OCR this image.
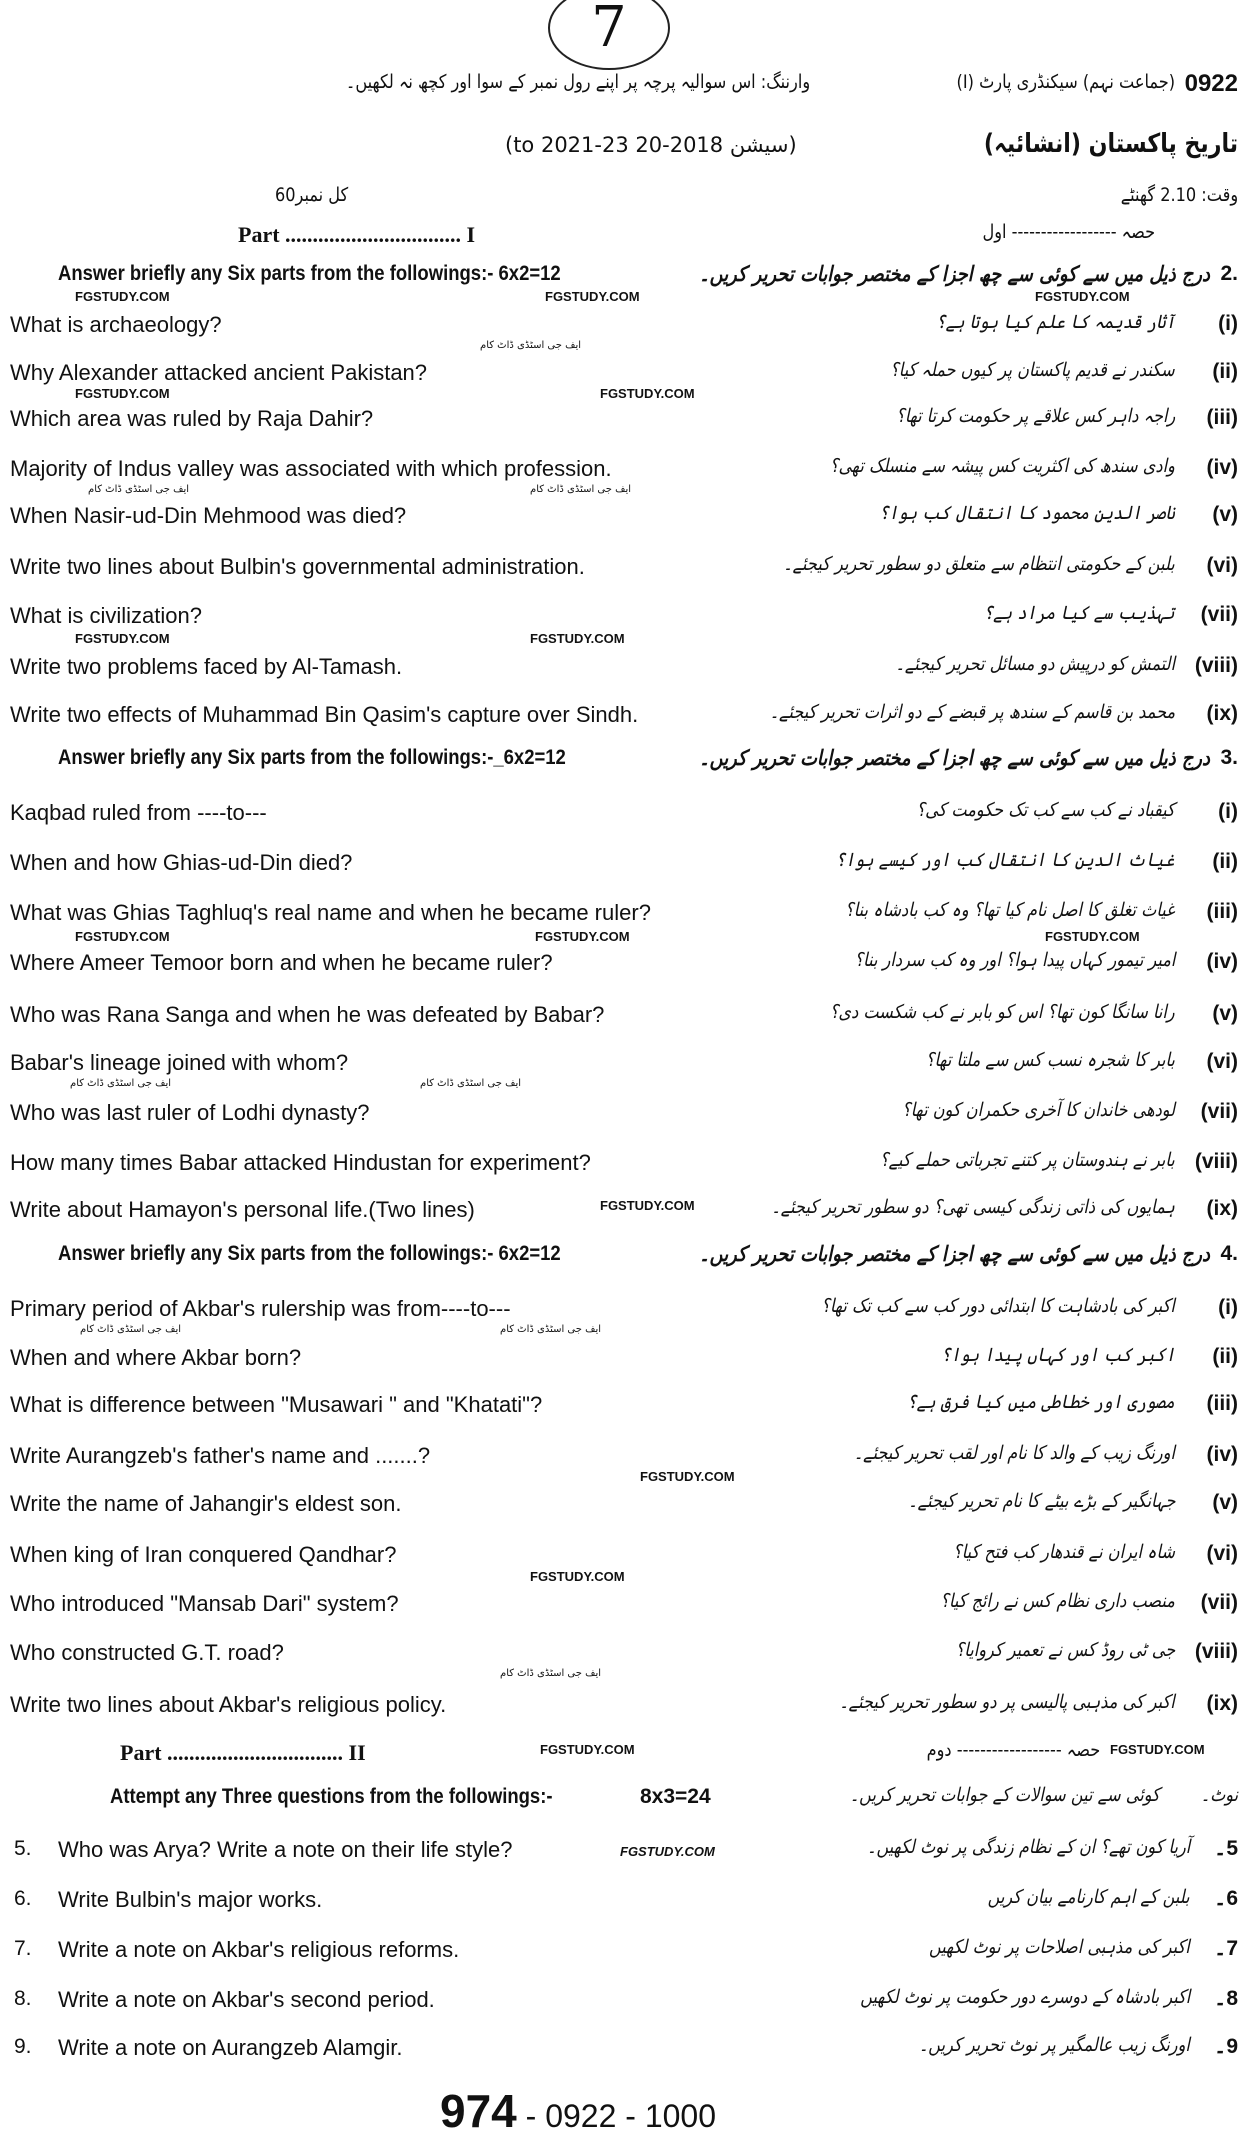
7
0922
(جماعت نہم) سیکنڈری پارٹ (I)
وارننگ: اس سوالیہ پرچہ پر اپنے رول نمبر کے سوا اور کچھ نہ لکھیں۔
تاریخ پاکستان (انشائیہ)
(سیشن 2018-20 to 2021-23)
وقت: 2.10 گھنٹے
کل نمبر60
Part ................................ I	حصہ ------------------ اول
Answer briefly any Six parts from the followings:- 6x2=12	درج ذیل میں سے کوئی سے چھ اجزا کے مختصر جوابات تحریر کریں۔ 2.
What is archaeology?	آثار قدیمہ کا علم کیا ہوتا ہے؟ (i)
Why Alexander attacked ancient Pakistan?	سکندر نے قدیم پاکستان پر کیوں حملہ کیا؟ (ii)
Which area was ruled by Raja Dahir?	راجہ داہر کس علاقے پر حکومت کرتا تھا؟ (iii)
Majority of Indus valley was associated with which profession.	وادی سندھ کی اکثریت کس پیشہ سے منسلک تھی؟ (iv)
When Nasir-ud-Din Mehmood was died?	ناصر الدین محمود کا انتقال کب ہوا؟ (v)
Write two lines about Bulbin's governmental administration.	بلبن کے حکومتی انتظام سے متعلق دو سطور تحریر کیجئے۔ (vi)
What is civilization?	تہذیب سے کیا مراد ہے؟ (vii)
Write two problems faced by Al-Tamash.	التمش کو درپیش دو مسائل تحریر کیجئے۔ (viii)
Write two effects of Muhammad Bin Qasim's capture over Sindh.	محمد بن قاسم کے سندھ پر قبضے کے دو اثرات تحریر کیجئے۔ (ix)
Answer briefly any Six parts from the followings:-_6x2=12	درج ذیل میں سے کوئی سے چھ اجزا کے مختصر جوابات تحریر کریں۔ 3.
Kaqbad ruled from ----to---	کیقباد نے کب سے کب تک حکومت کی؟ (i)
When and how Ghias-ud-Din died?	غیاث الدین کا انتقال کب اور کیسے ہوا؟ (ii)
What was Ghias Taghluq's real name and when he became ruler?	غیاث تغلق کا اصل نام کیا تھا؟ وہ کب بادشاہ بنا؟ (iii)
Where Ameer Temoor born and when he became ruler?	امیر تیمور کہاں پیدا ہوا؟ اور وہ کب سردار بنا؟ (iv)
Who was Rana Sanga and when he was defeated by Babar?	رانا سانگا کون تھا؟ اس کو بابر نے کب شکست دی؟ (v)
Babar's lineage joined with whom?	بابر کا شجرہ نسب کس سے ملتا تھا؟ (vi)
Who was last ruler of Lodhi dynasty?	لودھی خاندان کا آخری حکمران کون تھا؟ (vii)
How many times Babar attacked Hindustan for experiment?	بابر نے ہندوستان پر کتنے تجرباتی حملے کیے؟ (viii)
Write about Hamayon's personal life.(Two lines)	ہمایوں کی ذاتی زندگی کیسی تھی؟ دو سطور تحریر کیجئے۔ (ix)
Answer briefly any Six parts from the followings:- 6x2=12	درج ذیل میں سے کوئی سے چھ اجزا کے مختصر جوابات تحریر کریں۔ 4.
Primary period of Akbar's rulership was from----to---	اکبر کی بادشاہت کا ابتدائی دور کب سے کب تک تھا؟ (i)
When and where Akbar born?	اکبر کب اور کہاں پیدا ہوا؟ (ii)
What is difference between "Musawari " and "Khatati"?	مصوری اور خطاطی میں کیا فرق ہے؟ (iii)
Write Aurangzeb's father's name and .......?	اورنگ زیب کے والد کا نام اور لقب تحریر کیجئے۔ (iv)
Write the name of Jahangir's eldest son.	جہانگیر کے بڑے بیٹے کا نام تحریر کیجئے۔ (v)
When king of Iran conquered Qandhar?	شاہ ایران نے قندھار کب فتح کیا؟ (vi)
Who introduced "Mansab Dari" system?	منصب داری نظام کس نے رائج کیا؟ (vii)
Who constructed G.T. road?	جی ٹی روڈ کس نے تعمیر کروایا؟ (viii)
Write two lines about Akbar's religious policy.	اکبر کی مذہبی پالیسی پر دو سطور تحریر کیجئے۔ (ix)
Part ................................ II	حصہ ------------------ دوم
Attempt any Three questions from the followings:-	8x3=24	کوئی سے تین سوالات کے جوابات تحریر کریں۔ نوٹ۔
5. Who was Arya? Write a note on their life style?	آریا کون تھے؟ ان کے نظام زندگی پر نوٹ لکھیں۔ 5۔
6. Write Bulbin's major works.	بلبن کے اہم کارنامے بیان کریں 6۔
7. Write a note on Akbar's religious reforms.	اکبر کی مذہبی اصلاحات پر نوٹ لکھیں 7۔
8. Write a note on Akbar's second period.	اکبر بادشاہ کے دوسرے دور حکومت پر نوٹ لکھیں 8۔
9. Write a note on Aurangzeb Alamgir.	اورنگ زیب عالمگیر پر نوٹ تحریر کریں۔ 9۔
FGSTUDY.COM	FGSTUDY.COM	FGSTUDY.COM
FGSTUDY.COM	FGSTUDY.COM
FGSTUDY.COM	FGSTUDY.COM
FGSTUDY.COM	FGSTUDY.COM	FGSTUDY.COM
FGSTUDY.COM
FGSTUDY.COM
FGSTUDY.COM
FGSTUDY.COM	FGSTUDY.COM
FGSTUDY.COM
ایف جی اسٹڈی ڈاٹ کام
ایف جی اسٹڈی ڈاٹ کام
ایف جی اسٹڈی ڈاٹ کام
ایف جی اسٹڈی ڈاٹ کام
ایف جی اسٹڈی ڈاٹ کام
ایف جی اسٹڈی ڈاٹ کام	ایف جی اسٹڈی ڈاٹ کام
ایف جی اسٹڈی ڈاٹ کام
974 - 0922 - 1000
